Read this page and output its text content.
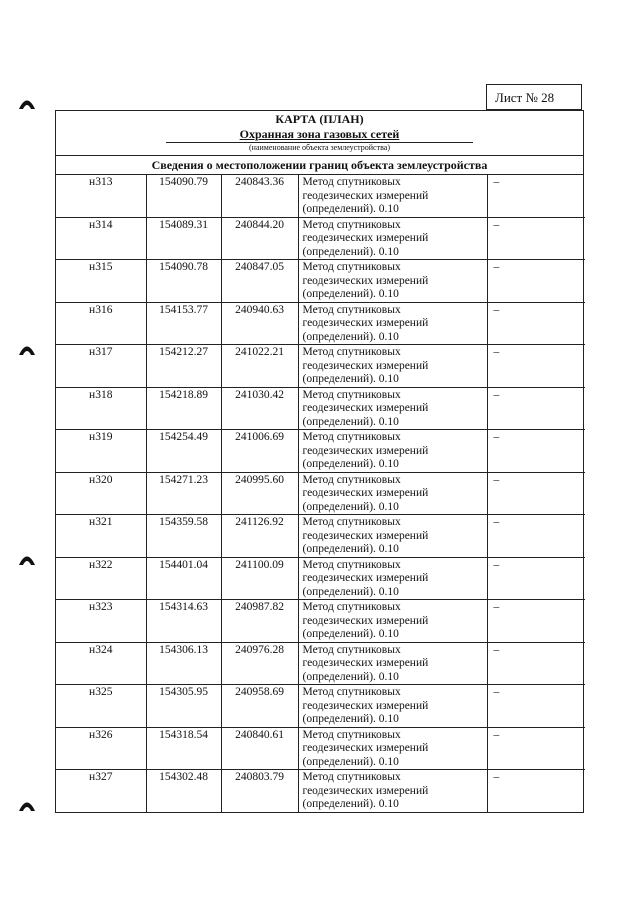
Лист № 28
КАРТА (ПЛАН)
Охранная зона газовых сетей
(наименование объекта землеустройства)
Сведения о местоположении границ объекта землеустройства
н313	154090.79	240843.36	Метод спутниковых
геодезических измерений
(определений). 0.10	–
н314	154089.31	240844.20	Метод спутниковых
геодезических измерений
(определений). 0.10	–
н315	154090.78	240847.05	Метод спутниковых
геодезических измерений
(определений). 0.10	–
н316	154153.77	240940.63	Метод спутниковых
геодезических измерений
(определений). 0.10	–
н317	154212.27	241022.21	Метод спутниковых
геодезических измерений
(определений). 0.10	–
н318	154218.89	241030.42	Метод спутниковых
геодезических измерений
(определений). 0.10	–
н319	154254.49	241006.69	Метод спутниковых
геодезических измерений
(определений). 0.10	–
н320	154271.23	240995.60	Метод спутниковых
геодезических измерений
(определений). 0.10	–
н321	154359.58	241126.92	Метод спутниковых
геодезических измерений
(определений). 0.10	–
н322	154401.04	241100.09	Метод спутниковых
геодезических измерений
(определений). 0.10	–
н323	154314.63	240987.82	Метод спутниковых
геодезических измерений
(определений). 0.10	–
н324	154306.13	240976.28	Метод спутниковых
геодезических измерений
(определений). 0.10	–
н325	154305.95	240958.69	Метод спутниковых
геодезических измерений
(определений). 0.10	–
н326	154318.54	240840.61	Метод спутниковых
геодезических измерений
(определений). 0.10	–
н327	154302.48	240803.79	Метод спутниковых
геодезических измерений
(определений). 0.10	–
